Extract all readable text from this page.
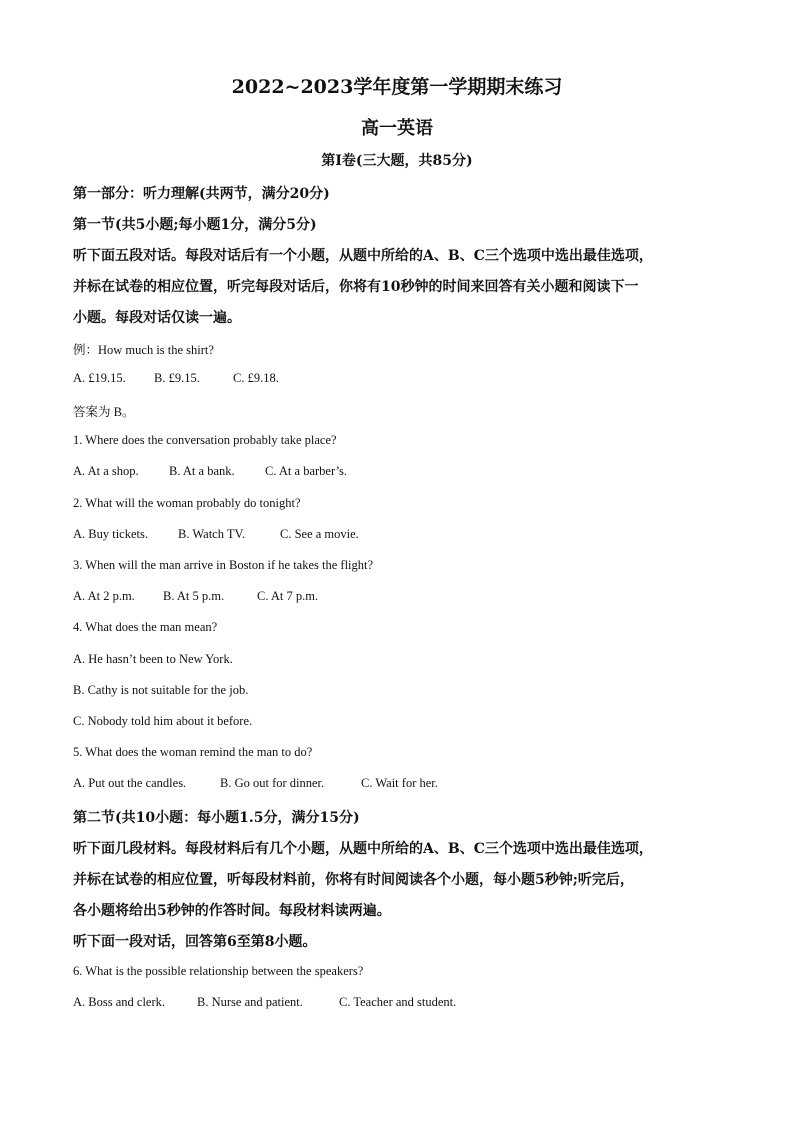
2022~2023学年度第一学期期末练习
高一英语
第Ⅰ卷(三大题，共85分)
第一部分：听力理解(共两节，满分20分)
第一节(共5小题;每小题1分，满分5分)
听下面五段对话。每段对话后有一个小题，从题中所给的A、B、C三个选项中选出最佳选项，
并标在试卷的相应位置，听完每段对话后，你将有10秒钟的时间来回答有关小题和阅读下一
小题。每段对话仅读一遍。
例：How much is the shirt?
A. £19.15. B. £9.15.	C. £9.18.
答案为 B。
1. Where does the conversation probably take place?
A. At a shop. B. At a bank. C. At a barber’s.
2. What will the woman probably do tonight?
A. Buy tickets. B. Watch TV.	C. See a movie.
3. When will the man arrive in Boston if he takes the flight?
A. At 2 p.m. B. At 5 p.m.	C. At 7 p.m.
4. What does the man mean?
A. He hasn’t been to New York.
B. Cathy is not suitable for the job.
C. Nobody told him about it before.
5. What does the woman remind the man to do?
A. Put out the candles.	B. Go out for dinner.	C. Wait for her.
第二节(共10小题：每小题1.5分，满分15分)
听下面几段材料。每段材料后有几个小题，从题中所给的A、B、C三个选项中选出最佳选项，
并标在试卷的相应位置，听每段材料前，你将有时间阅读各个小题，每小题5秒钟;听完后，
各小题将给出5秒钟的作答时间。每段材料读两遍。
听下面一段对话，回答第6至第8小题。
6. What is the possible relationship between the speakers?
A. Boss and clerk.	B. Nurse and patient.	C. Teacher and student.
